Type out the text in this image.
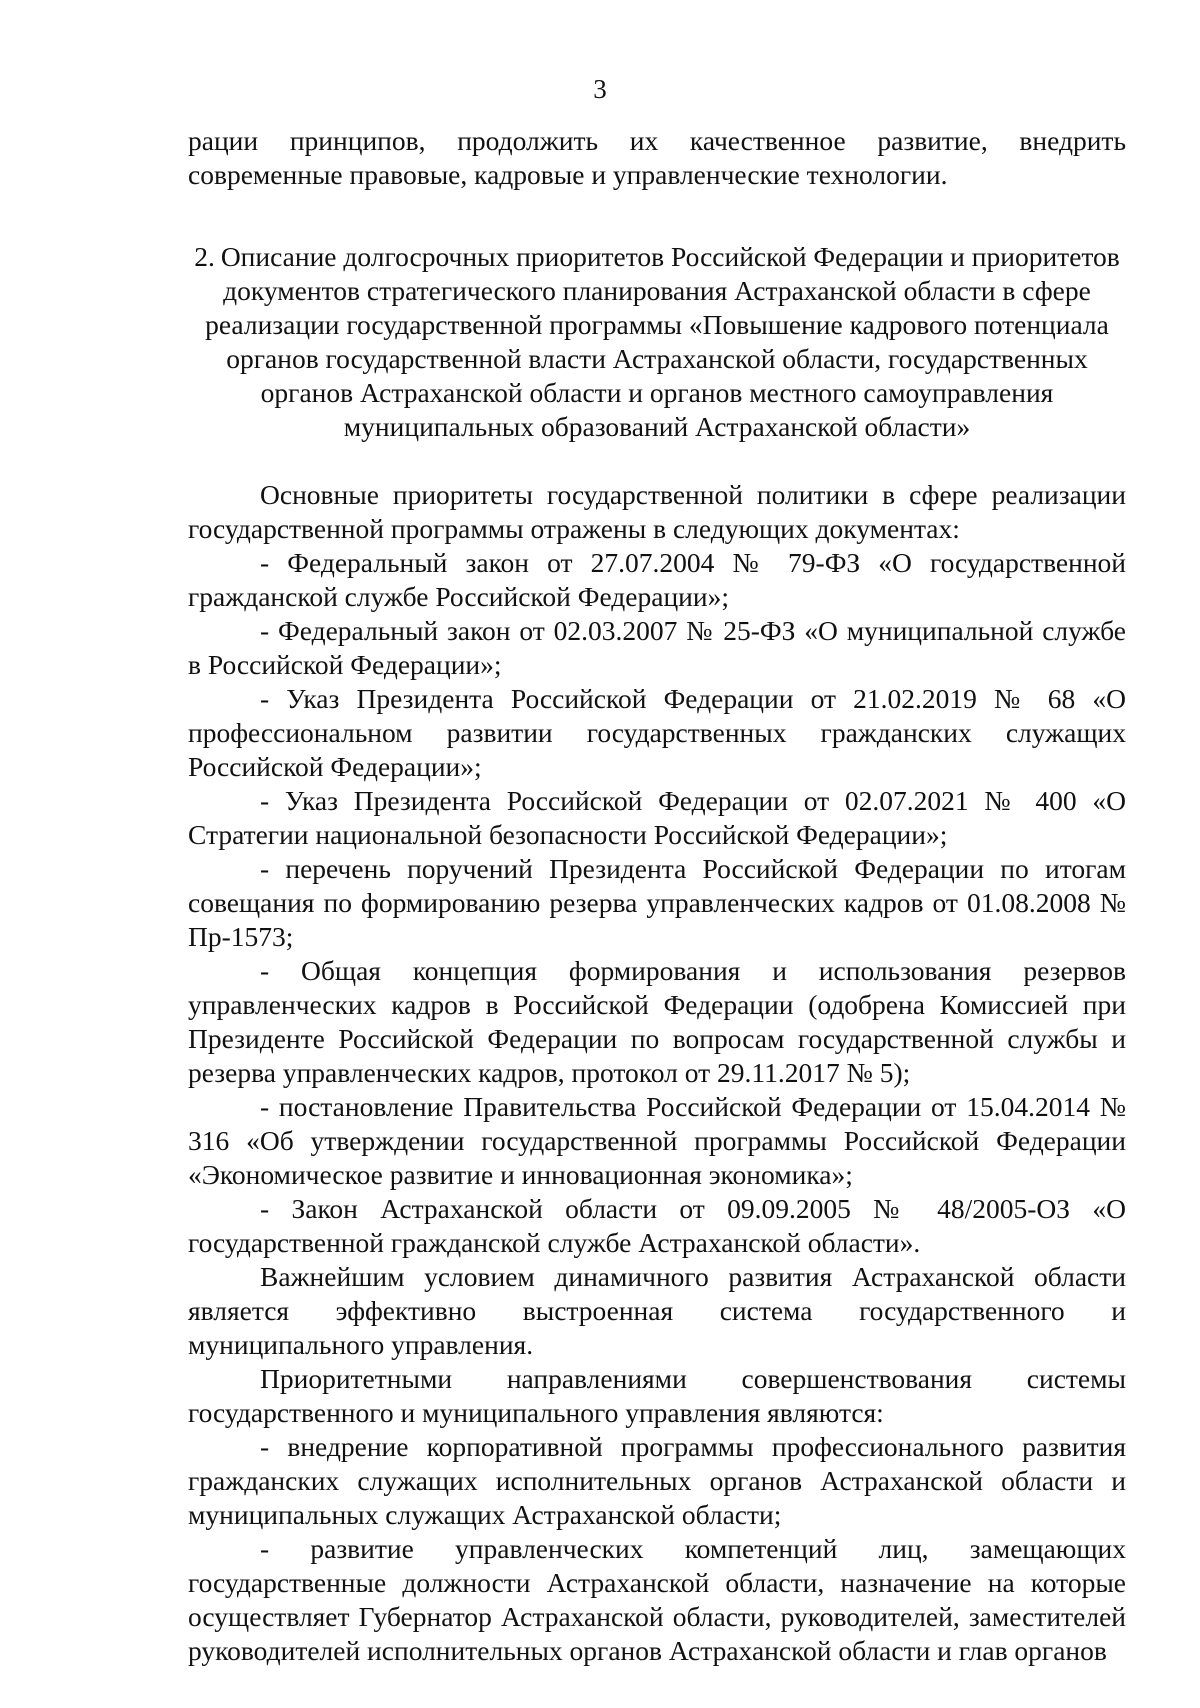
3

рации принципов, продолжить их качественное развитие, внедрить современные правовые, кадровые и управленческие технологии.

2. Описание долгосрочных приоритетов Российской Федерации и приоритетов документов стратегического планирования Астраханской области в сфере реализации государственной программы «Повышение кадрового потенциала органов государственной власти Астраханской области, государственных органов Астраханской области и органов местного самоуправления муниципальных образований Астраханской области»

Основные приоритеты государственной политики в сфере реализации государственной программы отражены в следующих документах:

- Федеральный закон от 27.07.2004 № 79-ФЗ «О государственной гражданской службе Российской Федерации»;

- Федеральный закон от 02.03.2007 № 25-ФЗ «О муниципальной службе в Российской Федерации»;

- Указ Президента Российской Федерации от 21.02.2019 № 68 «О профессиональном развитии государственных гражданских служащих Российской Федерации»;

- Указ Президента Российской Федерации от 02.07.2021 № 400 «О Стратегии национальной безопасности Российской Федерации»;

- перечень поручений Президента Российской Федерации по итогам совещания по формированию резерва управленческих кадров от 01.08.2008 № Пр-1573;

- Общая концепция формирования и использования резервов управленческих кадров в Российской Федерации (одобрена Комиссией при Президенте Российской Федерации по вопросам государственной службы и резерва управленческих кадров, протокол от 29.11.2017 № 5);

- постановление Правительства Российской Федерации от 15.04.2014 № 316 «Об утверждении государственной программы Российской Федерации «Экономическое развитие и инновационная экономика»;

- Закон Астраханской области от 09.09.2005 № 48/2005-ОЗ «О государственной гражданской службе Астраханской области».

Важнейшим условием динамичного развития Астраханской области является эффективно выстроенная система государственного и муниципального управления.

Приоритетными направлениями совершенствования системы государственного и муниципального управления являются:

- внедрение корпоративной программы профессионального развития гражданских служащих исполнительных органов Астраханской области и муниципальных служащих Астраханской области;

- развитие управленческих компетенций лиц, замещающих государственные должности Астраханской области, назначение на которые осуществляет Губернатор Астраханской области, руководителей, заместителей руководителей исполнительных органов Астраханской области и глав органов
